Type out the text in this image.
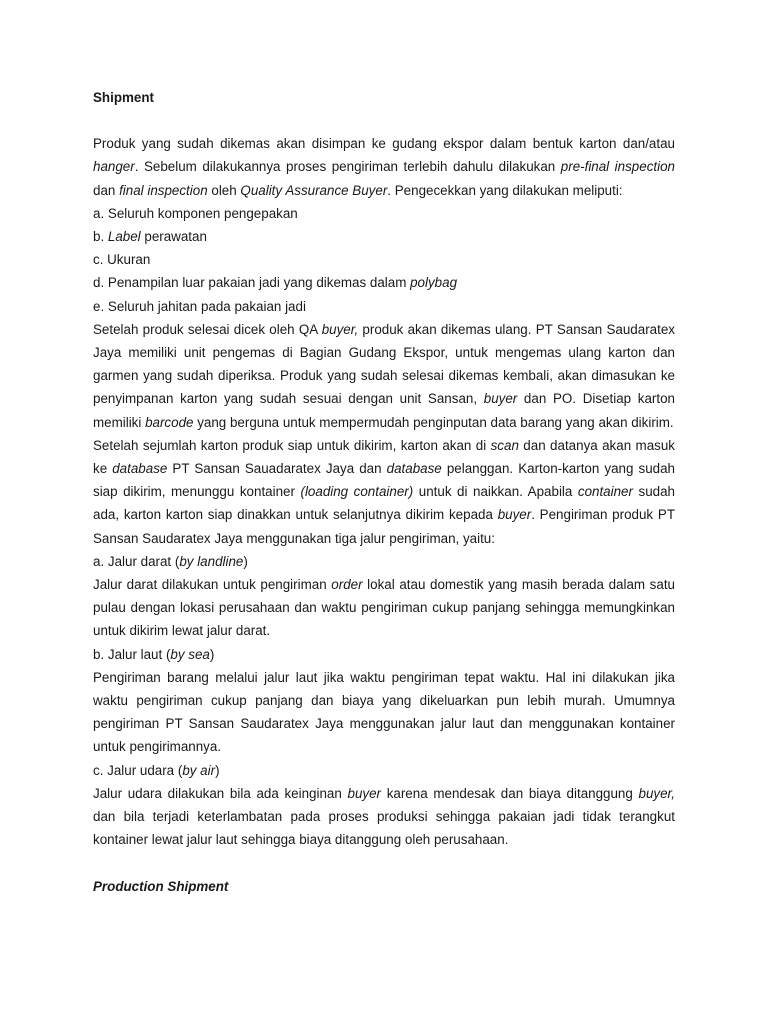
Shipment
Produk yang sudah dikemas akan disimpan ke gudang ekspor dalam bentuk karton dan/atau hanger. Sebelum dilakukannya proses pengiriman terlebih dahulu dilakukan pre-final inspection dan final inspection oleh Quality Assurance Buyer. Pengecekkan yang dilakukan meliputi:
a. Seluruh komponen pengepakan
b. Label perawatan
c. Ukuran
d. Penampilan luar pakaian jadi yang dikemas dalam polybag
e. Seluruh jahitan pada pakaian jadi
Setelah produk selesai dicek oleh QA buyer, produk akan dikemas ulang. PT Sansan Saudaratex Jaya memiliki unit pengemas di Bagian Gudang Ekspor, untuk mengemas ulang karton dan garmen yang sudah diperiksa. Produk yang sudah selesai dikemas kembali, akan dimasukan ke penyimpanan karton yang sudah sesuai dengan unit Sansan, buyer dan PO. Disetiap karton memiliki barcode yang berguna untuk mempermudah penginputan data barang yang akan dikirim.
Setelah sejumlah karton produk siap untuk dikirim, karton akan di scan dan datanya akan masuk ke database PT Sansan Sauadaratex Jaya dan database pelanggan. Karton-karton yang sudah siap dikirim, menunggu kontainer (loading container) untuk di naikkan. Apabila container sudah ada, karton karton siap dinakkan untuk selanjutnya dikirim kepada buyer. Pengiriman produk PT Sansan Saudaratex Jaya menggunakan tiga jalur pengiriman, yaitu:
a. Jalur darat (by landline)
Jalur darat dilakukan untuk pengiriman order lokal atau domestik yang masih berada dalam satu pulau dengan lokasi perusahaan dan waktu pengiriman cukup panjang sehingga memungkinkan untuk dikirim lewat jalur darat.
b. Jalur laut (by sea)
Pengiriman barang melalui jalur laut jika waktu pengiriman tepat waktu. Hal ini dilakukan jika waktu pengiriman cukup panjang dan biaya yang dikeluarkan pun lebih murah. Umumnya pengiriman PT Sansan Saudaratex Jaya menggunakan jalur laut dan menggunakan kontainer untuk pengirimannya.
c. Jalur udara (by air)
Jalur udara dilakukan bila ada keinginan buyer karena mendesak dan biaya ditanggung buyer, dan bila terjadi keterlambatan pada proses produksi sehingga pakaian jadi tidak terangkut kontainer lewat jalur laut sehingga biaya ditanggung oleh perusahaan.
Production Shipment
